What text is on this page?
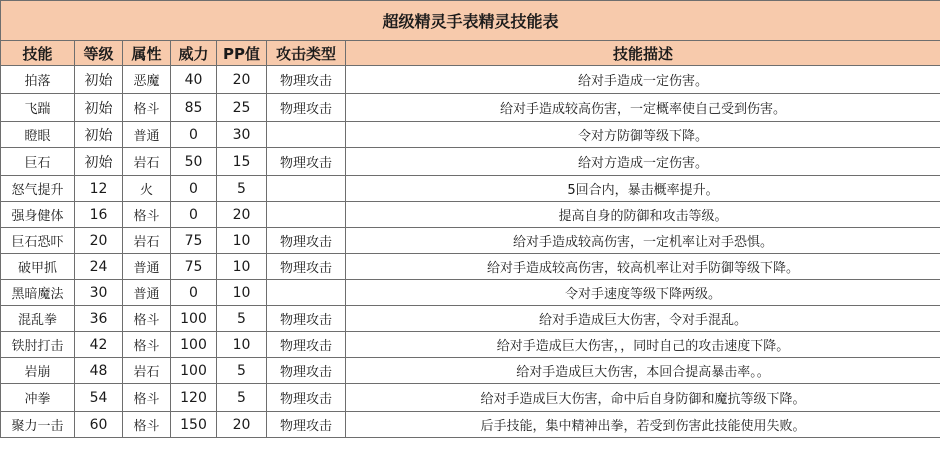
超级精灵手表精灵技能表						
技能	等级	属性	威力	PP值	攻击类型	技能描述
拍落	初始	恶魔	40	20	物理攻击	给对手造成一定伤害。
飞踹	初始	格斗	85	25	物理攻击	给对手造成较高伤害，一定概率使自己受到伤害。
瞪眼	初始	普通	0	30		令对方防御等级下降。
巨石	初始	岩石	50	15	物理攻击	给对方造成一定伤害。
怒气提升	12	火	0	5		5回合内，暴击概率提升。
强身健体	16	格斗	0	20		提高自身的防御和攻击等级。
巨石恐吓	20	岩石	75	10	物理攻击	给对手造成较高伤害，一定机率让对手恐惧。
破甲抓	24	普通	75	10	物理攻击	给对手造成较高伤害，较高机率让对手防御等级下降。
黑暗魔法	30	普通	0	10		令对手速度等级下降两级。
混乱拳	36	格斗	100	5	物理攻击	给对手造成巨大伤害，令对手混乱。
铁肘打击	42	格斗	100	10	物理攻击	给对手造成巨大伤害，，同时自己的攻击速度下降。
岩崩	48	岩石	100	5	物理攻击	给对手造成巨大伤害，本回合提高暴击率。。
冲拳	54	格斗	120	5	物理攻击	给对手造成巨大伤害，命中后自身防御和魔抗等级下降。
聚力一击	60	格斗	150	20	物理攻击	后手技能，集中精神出拳，若受到伤害此技能使用失败。
